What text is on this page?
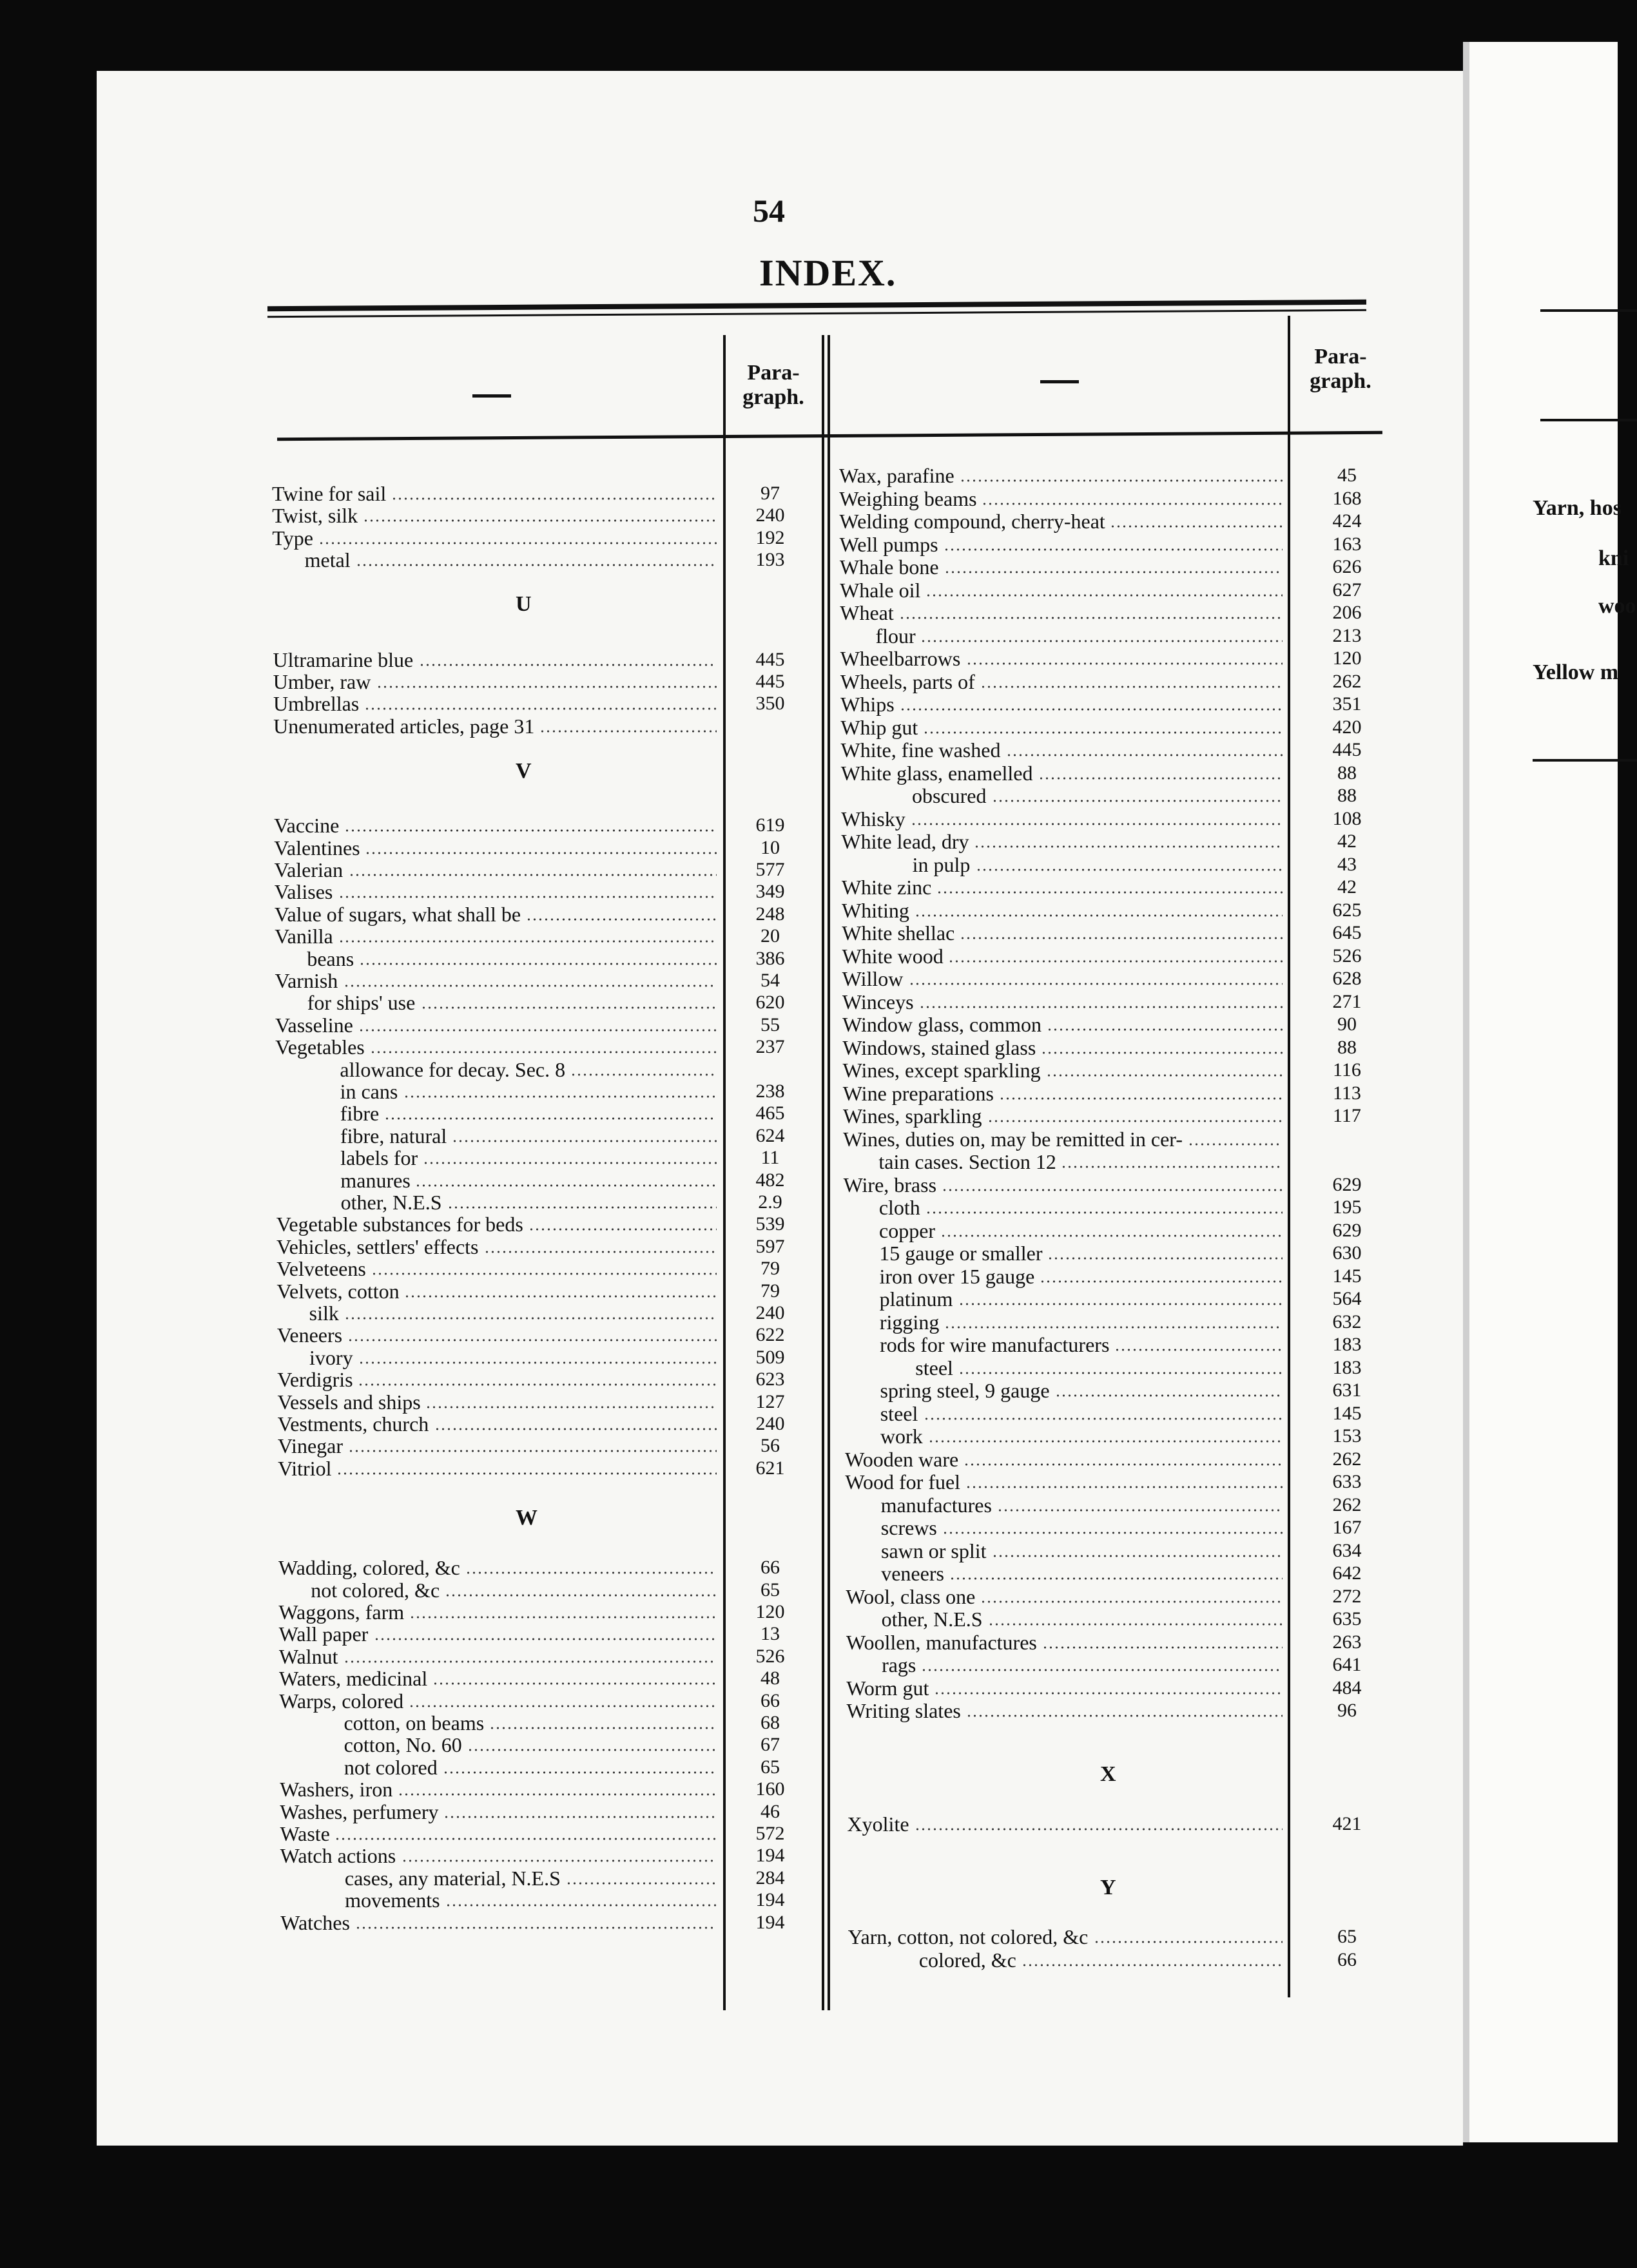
54
INDEX.
Para-
graph.
Para-
graph.
Twine for sail	97
Twist, silk	240
Type	192
metal	193
U
Ultramarine blue	445
Umber, raw	445
Umbrellas	350
Unenumerated articles, page 31
V
Vaccine	619
Valentines	10
Valerian	577
Valises	349
Value of sugars, what shall be	248
Vanilla	20
beans	386
Varnish	54
for ships' use	620
Vasseline	55
Vegetables	237
allowance for decay. Sec. 8
in cans	238
fibre	465
fibre, natural	624
labels for	11
manures	482
other, N.E.S	2.9
Vegetable substances for beds	539
Vehicles, settlers' effects	597
Velveteens	79
Velvets, cotton	79
silk	240
Veneers	622
ivory	509
Verdigris	623
Vessels and ships	127
Vestments, church	240
Vinegar	56
Vitriol	621
W
Wadding, colored, &c	66
not colored, &c	65
Waggons, farm	120
Wall paper	13
Walnut	526
Waters, medicinal	48
Warps, colored	66
cotton, on beams	68
cotton, No. 60	67
not colored	65
Washers, iron	160
Washes, perfumery	46
Waste	572
Watch actions	194
cases, any material, N.E.S	284
movements	194
Watches	194
Wax, parafine	45
Weighing beams	168
Welding compound, cherry-heat	424
Well pumps	163
Whale bone	626
Whale oil	627
Wheat	206
flour	213
Wheelbarrows	120
Wheels, parts of	262
Whips	351
Whip gut	420
White, fine washed	445
White glass, enamelled	88
obscured	88
Whisky	108
White lead, dry	42
in pulp	43
White zinc	42
Whiting	625
White shellac	645
White wood	526
Willow	628
Winceys	271
Window glass, common	90
Windows, stained glass	88
Wines, except sparkling	116
Wine preparations	113
Wines, sparkling	117
Wines, duties on, may be remitted in cer-
tain cases. Section 12
Wire, brass	629
cloth	195
copper	629
15 gauge or smaller	630
iron over 15 gauge	145
platinum	564
rigging	632
rods for wire manufacturers	183
steel	183
spring steel, 9 gauge	631
steel	145
work	153
Wooden ware	262
Wood for fuel	633
manufactures	262
screws	167
sawn or split	634
veneers	642
Wool, class one	272
other, N.E.S	635
Woollen, manufactures	263
rags	641
Worm gut	484
Writing slates	96
X
Xyolite	421
Y
Yarn, cotton, not colored, &c	65
colored, &c	66
Yarn, hos
kni
woo
Yellow m
